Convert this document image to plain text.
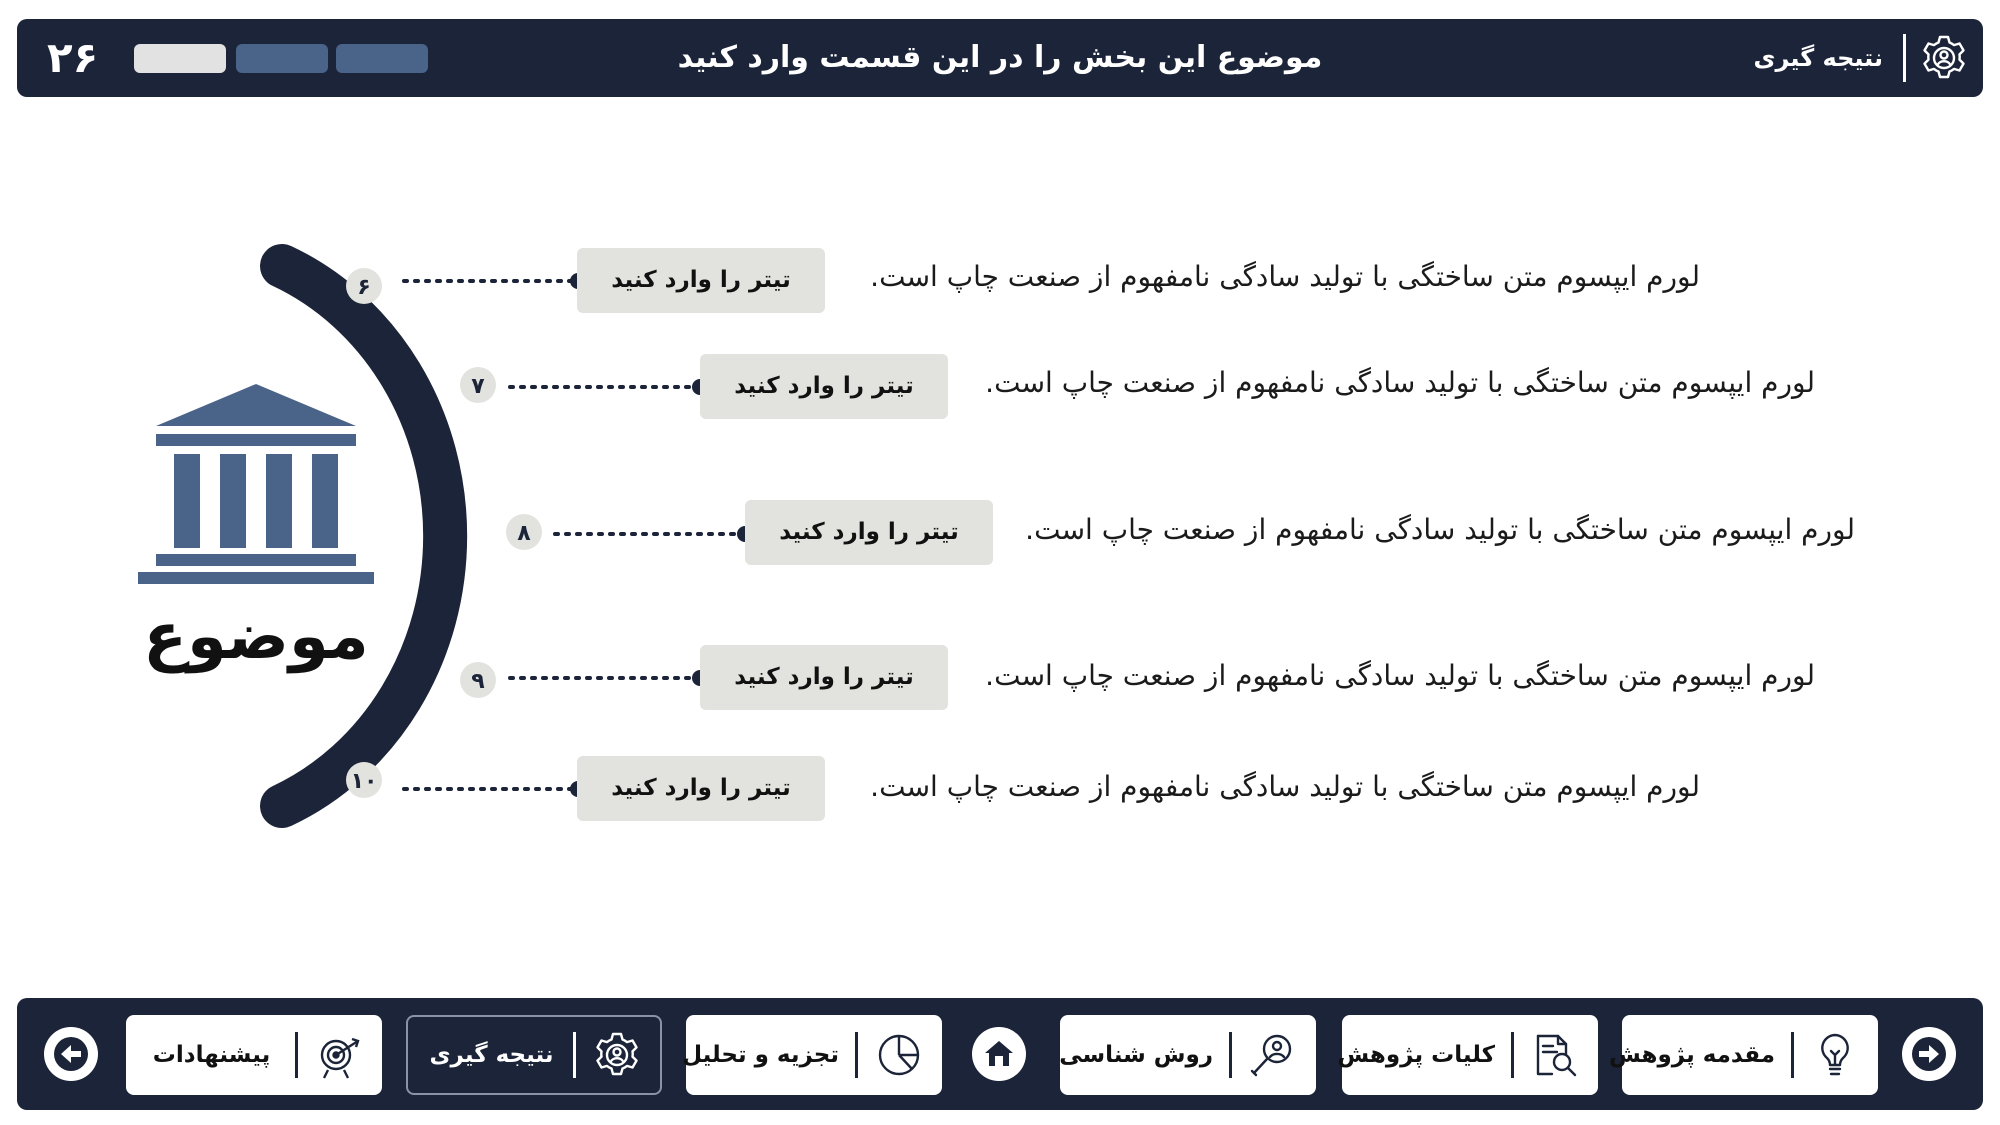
۲۶	موضوع این بخش را در این قسمت وارد کنید	نتیجه گیری
۶
۷
۸
۹
۱۰
موضوع
تیتر را وارد کنید	لورم ایپسوم متن ساختگی با تولید سادگی نامفهوم از صنعت چاپ است.
تیتر را وارد کنید	لورم ایپسوم متن ساختگی با تولید سادگی نامفهوم از صنعت چاپ است.
تیتر را وارد کنید	لورم ایپسوم متن ساختگی با تولید سادگی نامفهوم از صنعت چاپ است.
تیتر را وارد کنید	لورم ایپسوم متن ساختگی با تولید سادگی نامفهوم از صنعت چاپ است.
تیتر را وارد کنید	لورم ایپسوم متن ساختگی با تولید سادگی نامفهوم از صنعت چاپ است.
پیشنهادات	نتیجه گیری	تجزیه و تحلیل	روش شناسی	کلیات پژوهش	مقدمه پژوهش
